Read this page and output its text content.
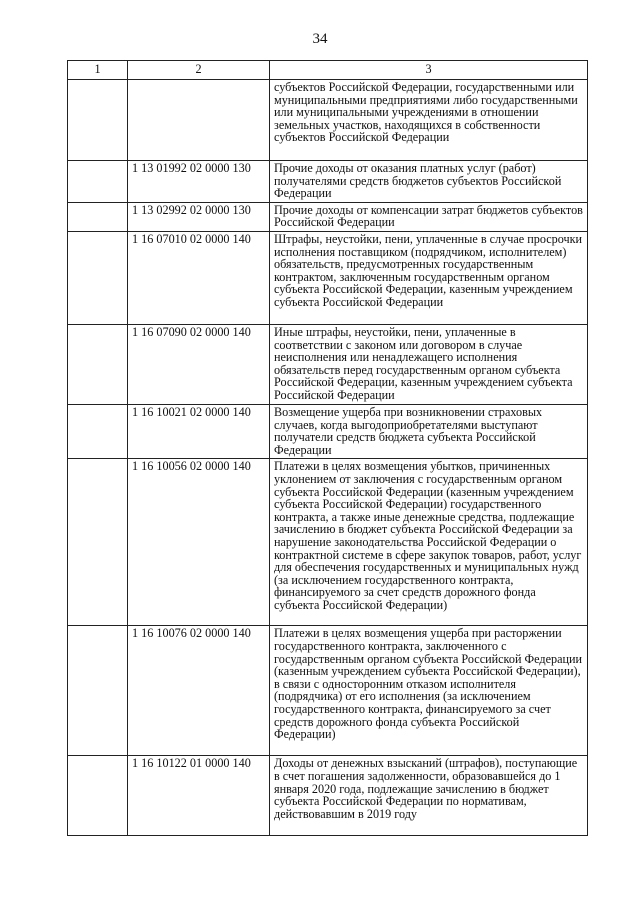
34
1	2	3
		субъектов Российской Федерации, государственными или муниципальными предприятиями либо государственными или муниципальными учреждениями в отношении земельных участков, находящихся в собственности субъектов Российской Федерации
	1 13 01992 02 0000 130	Прочие доходы от оказания платных услуг (работ) получателями средств бюджетов субъектов Российской Федерации
	1 13 02992 02 0000 130	Прочие доходы от компенсации затрат бюджетов субъектов Российской Федерации
	1 16 07010 02 0000 140	Штрафы, неустойки, пени, уплаченные в случае просрочки исполнения поставщиком (подрядчиком, исполнителем) обязательств, предусмотренных государственным контрактом, заключенным государственным органом субъекта Российской Федерации, казенным учреждением субъекта Российской Федерации
	1 16 07090 02 0000 140	Иные штрафы, неустойки, пени, уплаченные в соответствии с законом или договором в случае неисполнения или ненадлежащего исполнения обязательств перед государственным органом субъекта Российской Федерации, казенным учреждением субъекта Российской Федерации
	1 16 10021 02 0000 140	Возмещение ущерба при возникновении страховых случаев, когда выгодоприобретателями выступают получатели средств бюджета субъекта Российской Федерации
	1 16 10056 02 0000 140	Платежи в целях возмещения убытков, причиненных уклонением от заключения с государственным органом субъекта Российской Федерации (казенным учреждением субъекта Российской Федерации) государственного контракта, а также иные денежные средства, подлежащие зачислению в бюджет субъекта Российской Федерации за нарушение законодательства Российской Федерации о контрактной системе в сфере закупок товаров, работ, услуг для обеспечения государственных и муниципальных нужд (за исключением государственного контракта, финансируемого за счет средств дорожного фонда субъекта Российской Федерации)
	1 16 10076 02 0000 140	Платежи в целях возмещения ущерба при расторжении государственного контракта, заключенного с государственным органом субъекта Российской Федерации (казенным учреждением субъекта Российской Федерации), в связи с односторонним отказом исполнителя (подрядчика) от его исполнения (за исключением государственного контракта, финансируемого за счет средств дорожного фонда субъекта Российской Федерации)
	1 16 10122 01 0000 140	Доходы от денежных взысканий (штрафов), поступающие в счет погашения задолженности, образовавшейся до 1 января 2020 года, подлежащие зачислению в бюджет субъекта Российской Федерации по нормативам, действовавшим в 2019 году
